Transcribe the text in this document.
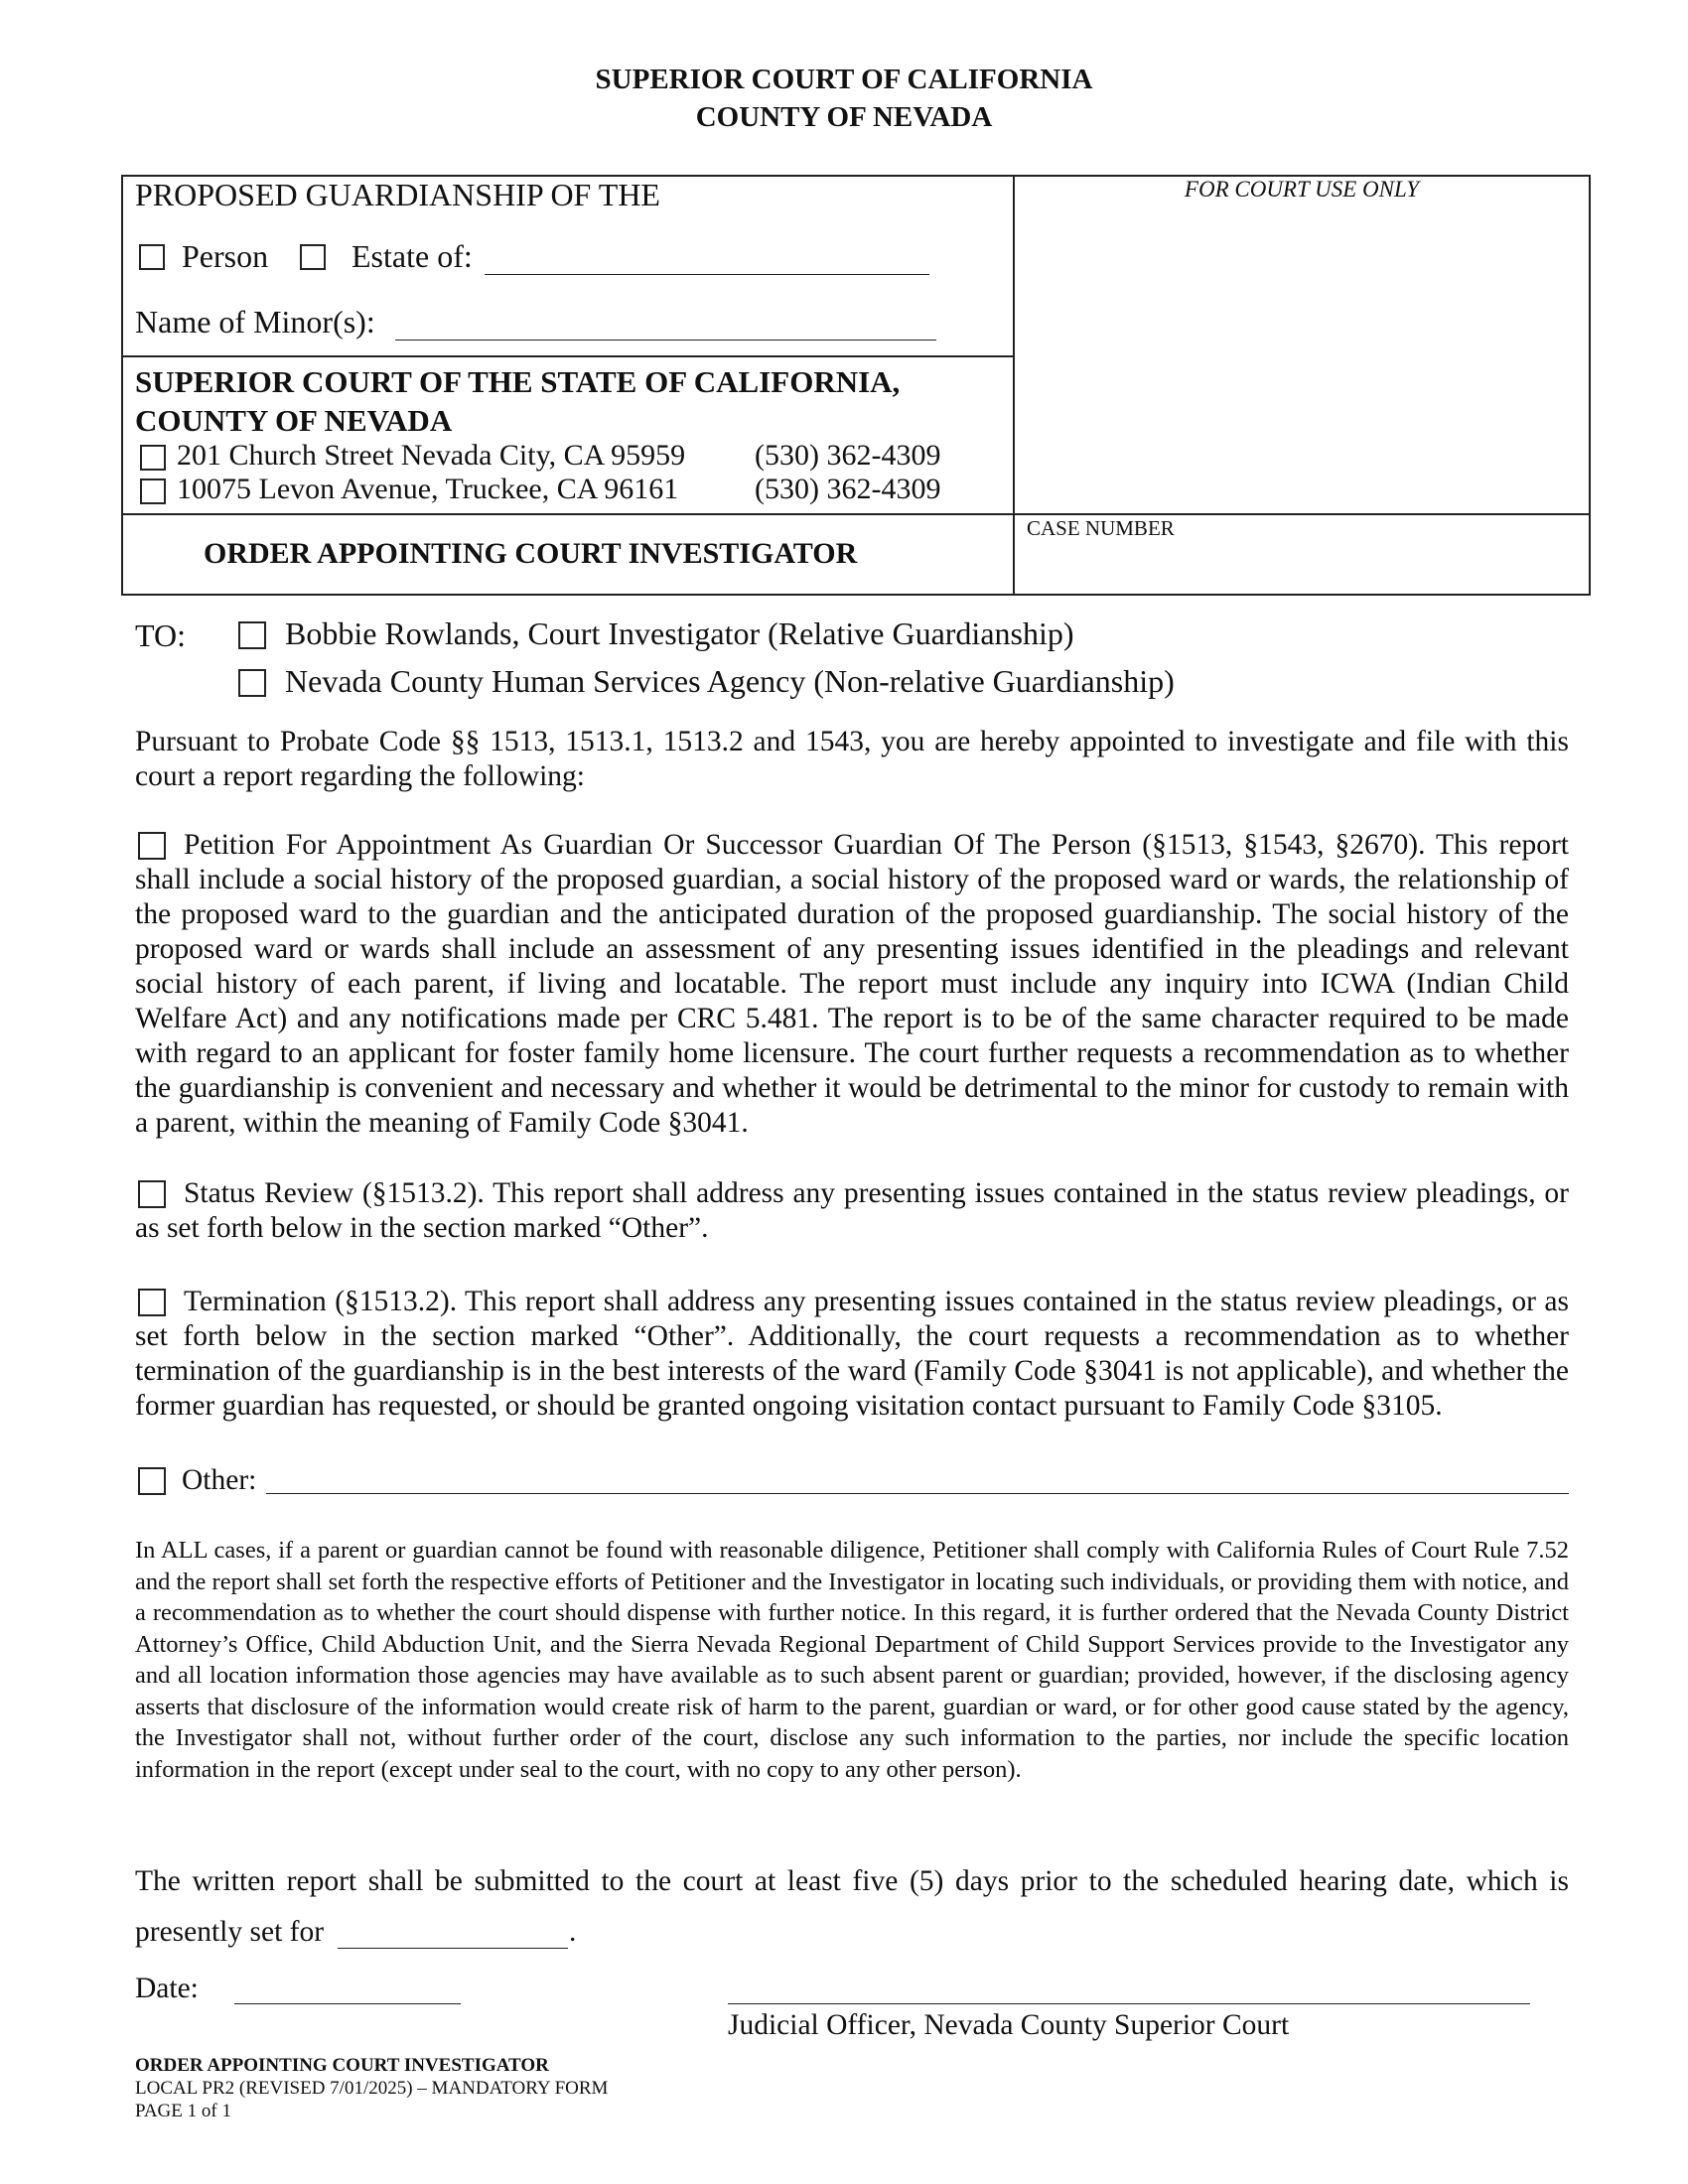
SUPERIOR COURT OF CALIFORNIA
COUNTY OF NEVADA
PROPOSED GUARDIANSHIP OF THE
Person	Estate of:
Name of Minor(s):
FOR COURT USE ONLY
SUPERIOR COURT OF THE STATE OF CALIFORNIA,
COUNTY OF NEVADA
201 Church Street Nevada City, CA 95959 (530) 362-4309
10075 Levon Avenue, Truckee, CA 96161	(530) 362-4309
CASE NUMBER
ORDER APPOINTING COURT INVESTIGATOR
TO:	Bobbie Rowlands, Court Investigator (Relative Guardianship)
Nevada County Human Services Agency (Non-relative Guardianship)
Pursuant to Probate Code §§ 1513, 1513.1, 1513.2 and 1543, you are hereby appointed to investigate and file with this court a report regarding the following:
Petition For Appointment As Guardian Or Successor Guardian Of The Person (§1513, §1543, §2670). This report shall include a social history of the proposed guardian, a social history of the proposed ward or wards, the relationship of the proposed ward to the guardian and the anticipated duration of the proposed guardianship. The social history of the proposed ward or wards shall include an assessment of any presenting issues identified in the pleadings and relevant social history of each parent, if living and locatable. The report must include any inquiry into ICWA (Indian Child Welfare Act) and any notifications made per CRC 5.481. The report is to be of the same character required to be made with regard to an applicant for foster family home licensure. The court further requests a recommendation as to whether the guardianship is convenient and necessary and whether it would be detrimental to the minor for custody to remain with a parent, within the meaning of Family Code §3041.
Status Review (§1513.2). This report shall address any presenting issues contained in the status review pleadings, or as set forth below in the section marked “Other”.
Termination (§1513.2). This report shall address any presenting issues contained in the status review pleadings, or as set forth below in the section marked “Other”. Additionally, the court requests a recommendation as to whether termination of the guardianship is in the best interests of the ward (Family Code §3041 is not applicable), and whether the former guardian has requested, or should be granted ongoing visitation contact pursuant to Family Code §3105.
Other:
In ALL cases, if a parent or guardian cannot be found with reasonable diligence, Petitioner shall comply with California Rules of Court Rule 7.52 and the report shall set forth the respective efforts of Petitioner and the Investigator in locating such individuals, or providing them with notice, and a recommendation as to whether the court should dispense with further notice. In this regard, it is further ordered that the Nevada County District Attorney’s Office, Child Abduction Unit, and the Sierra Nevada Regional Department of Child Support Services provide to the Investigator any and all location information those agencies may have available as to such absent parent or guardian; provided, however, if the disclosing agency asserts that disclosure of the information would create risk of harm to the parent, guardian or ward, or for other good cause stated by the agency, the Investigator shall not, without further order of the court, disclose any such information to the parties, nor include the specific location information in the report (except under seal to the court, with no copy to any other person).
The written report shall be submitted to the court at least five (5) days prior to the scheduled hearing date, which is
presently set for	.
Date:
Judicial Officer, Nevada County Superior Court
ORDER APPOINTING COURT INVESTIGATOR
LOCAL PR2 (REVISED 7/01/2025) – MANDATORY FORM
PAGE 1 of 1
